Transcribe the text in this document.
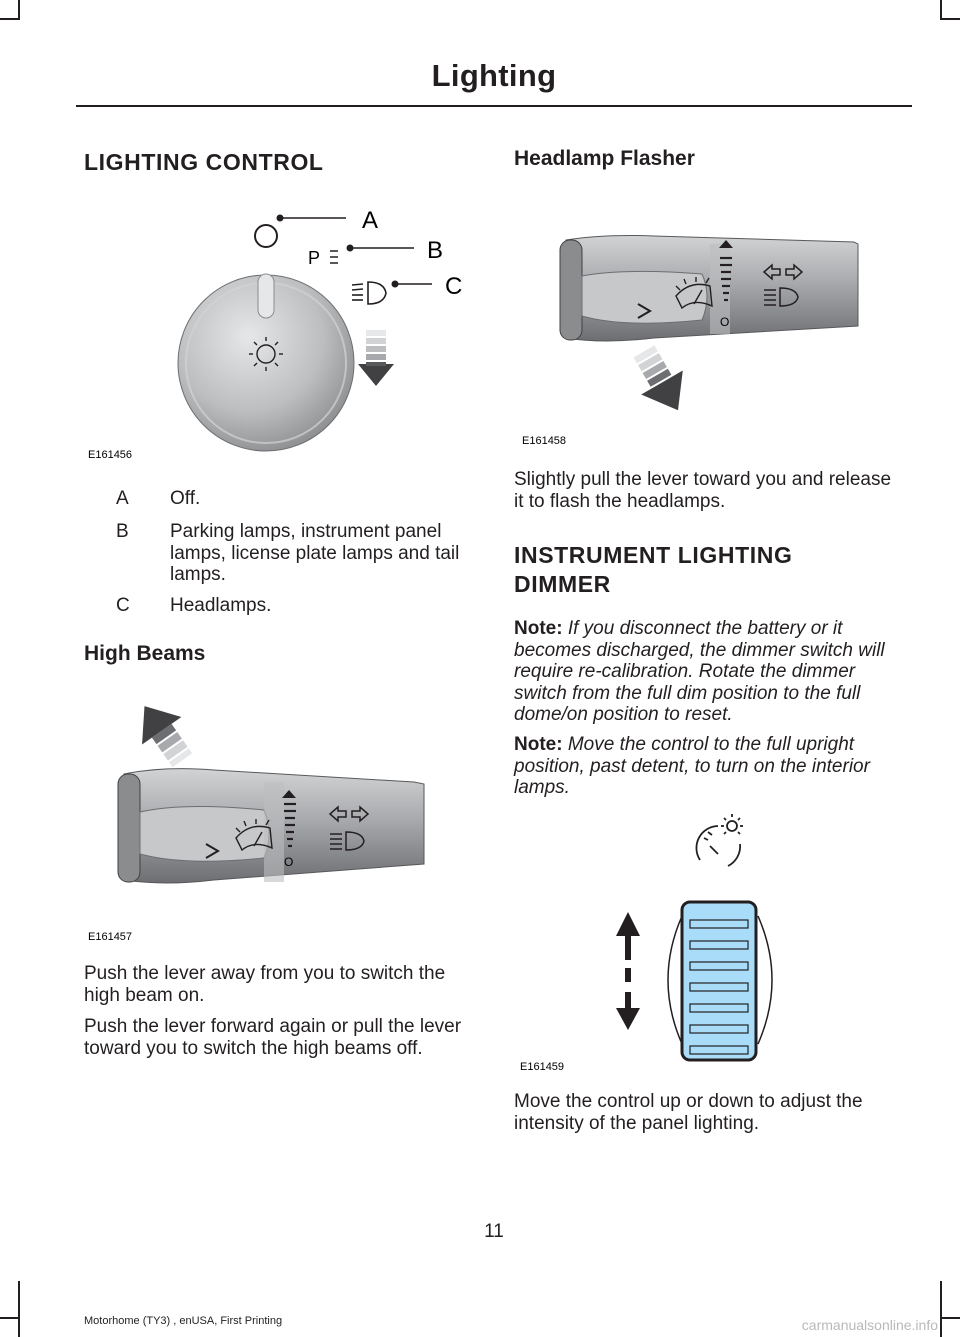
Lighting
LIGHTING CONTROL
A
P	B
C
E161456
A	Off.
B	Parking lamps, instrument panel lamps, license plate lamps and tail lamps.
C	Headlamps.
High Beams
O
E161457

Push the lever away from you to switch the high beam on.

Push the lever forward again or pull the lever toward you to switch the high beams off.

Headlamp Flasher
O
E161458

Slightly pull the lever toward you and release it to flash the headlamps.

INSTRUMENT LIGHTING
DIMMER

Note: If you disconnect the battery or it becomes discharged, the dimmer switch will require re-calibration. Rotate the dimmer switch from the full dim position to the full dome/on position to reset.

Note: Move the control to the full upright position, past detent, to turn on the interior lamps.

E161459

Move the control up or down to adjust the intensity of the panel lighting.

11
Motorhome (TY3) , enUSA, First Printing	carmanualsonline.info
